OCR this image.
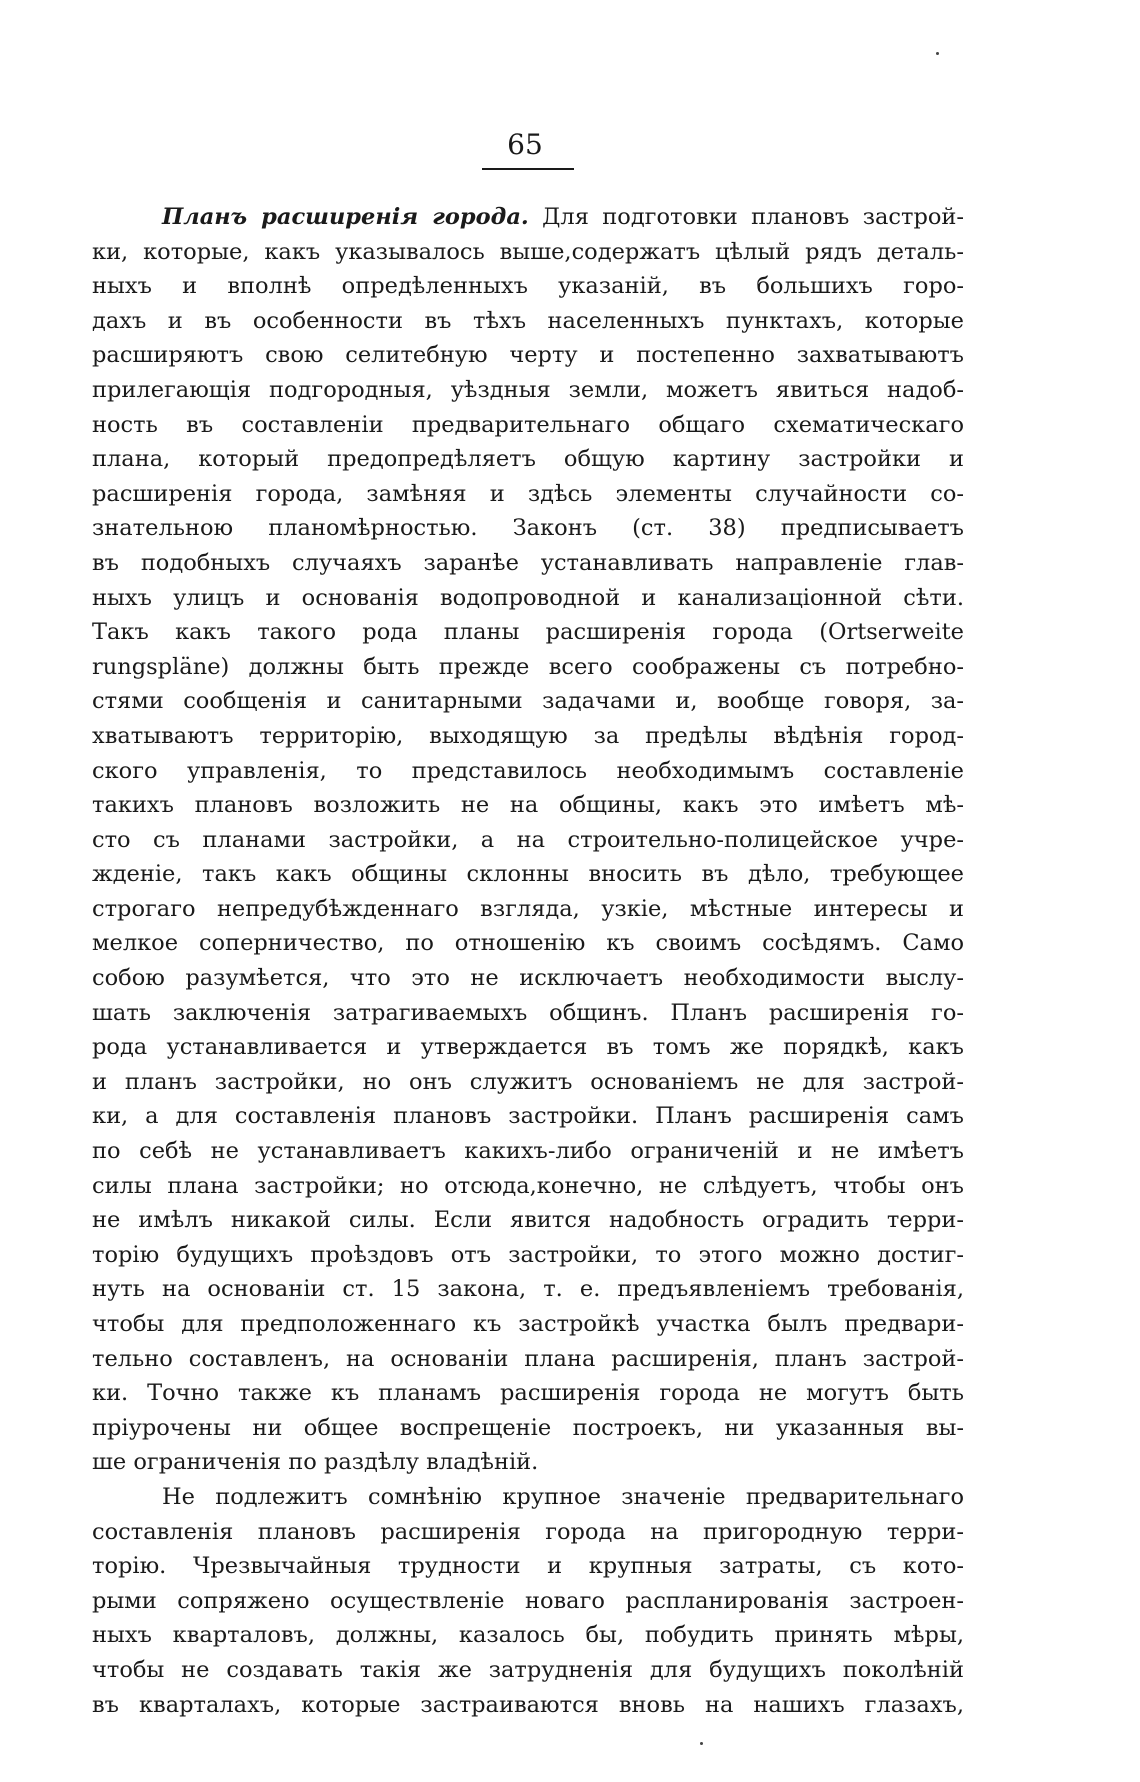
65
Планъ расширенія города. Для подготовки плановъ застрой-
ки, которые, какъ указывалось выше,содержатъ цѣлый рядъ деталь-
ныхъ и вполнѣ опредѣленныхъ указаній, въ большихъ горо-
дахъ и въ особенности въ тѣхъ населенныхъ пунктахъ, которые
расширяютъ свою селитебную черту и постепенно захватываютъ
прилегающія подгородныя, уѣздныя земли, можетъ явиться надоб-
ность въ составленіи предварительнаго общаго схематическаго
плана, который предопредѣляетъ общую картину застройки и
расширенія города, замѣняя и здѣсь элементы случайности со-
знательною планомѣрностью. Законъ (ст. 38) предписываетъ
въ подобныхъ случаяхъ заранѣе устанавливать направленіе глав-
ныхъ улицъ и основанія водопроводной и канализаціонной сѣти.
Такъ какъ такого рода планы расширенія города (Ortserweite
rungspläne) должны быть прежде всего соображены съ потребно-
стями сообщенія и санитарными задачами и, вообще говоря, за-
хватываютъ территорію, выходящую за предѣлы вѣдѣнія город-
ского управленія, то представилось необходимымъ составленіе
такихъ плановъ возложить не на общины, какъ это имѣетъ мѣ-
сто съ планами застройки, а на строительно-полицейское учре-
жденіе, такъ какъ общины склонны вносить въ дѣло, требующее
строгаго непредубѣжденнаго взгляда, узкіе, мѣстные интересы и
мелкое соперничество, по отношенію къ своимъ сосѣдямъ. Само
собою разумѣется, что это не исключаетъ необходимости выслу-
шать заключенія затрагиваемыхъ общинъ. Планъ расширенія го-
рода устанавливается и утверждается въ томъ же порядкѣ, какъ
и планъ застройки, но онъ служитъ основаніемъ не для застрой-
ки, а для составленія плановъ застройки. Планъ расширенія самъ
по себѣ не устанавливаетъ какихъ-либо ограниченій и не имѣетъ
силы плана застройки; но отсюда,конечно, не слѣдуетъ, чтобы онъ
не имѣлъ никакой силы. Если явится надобность оградить терри-
торію будущихъ проѣздовъ отъ застройки, то этого можно достиг-
нуть на основаніи ст. 15 закона, т. е. предъявленіемъ требованія,
чтобы для предположеннаго къ застройкѣ участка былъ предвари-
тельно составленъ, на основаніи плана расширенія, планъ застрой-
ки. Точно также къ планамъ расширенія города не могутъ быть
пріурочены ни общее воспрещеніе построекъ, ни указанныя вы-
ше ограниченія по раздѣлу владѣній.
Не подлежитъ сомнѣнію крупное значеніе предварительнаго
составленія плановъ расширенія города на пригородную терри-
торію. Чрезвычайныя трудности и крупныя затраты, съ кото-
рыми сопряжено осуществленіе новаго распланированія застроен-
ныхъ кварталовъ, должны, казалось бы, побудить принять мѣры,
чтобы не создавать такія же затрудненія для будущихъ поколѣній
въ кварталахъ, которые застраиваются вновь на нашихъ глазахъ,
